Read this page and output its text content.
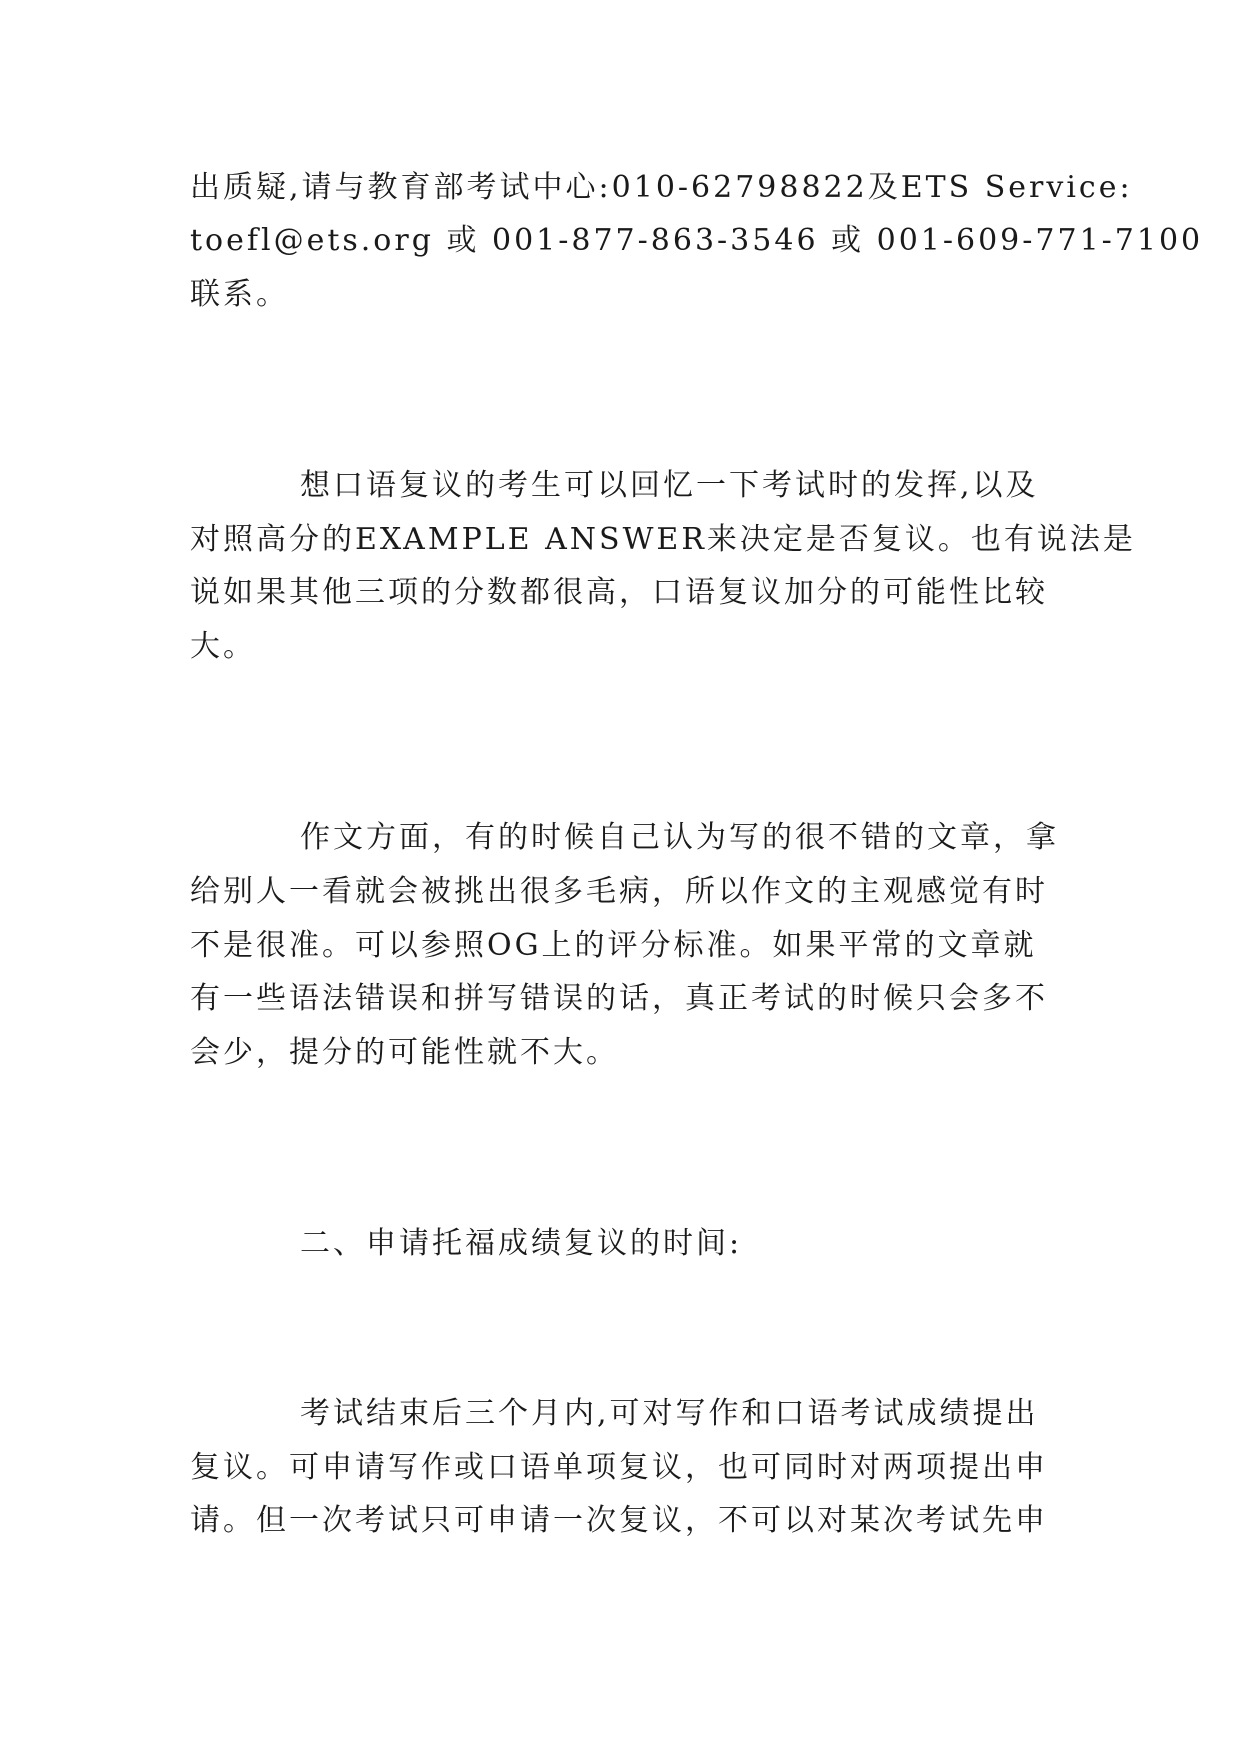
出质疑,请与教育部考试中心:010-62798822及ETS Service:
toefl@ets.org 或 001-877-863-3546 或 001-609-771-7100
联系。
想口语复议的考生可以回忆一下考试时的发挥,以及
对照高分的EXAMPLE ANSWER来决定是否复议。也有说法是
说如果其他三项的分数都很高，口语复议加分的可能性比较
大。
作文方面，有的时候自己认为写的很不错的文章，拿
给别人一看就会被挑出很多毛病，所以作文的主观感觉有时
不是很准。可以参照OG上的评分标准。如果平常的文章就
有一些语法错误和拼写错误的话，真正考试的时候只会多不
会少，提分的可能性就不大。
二、申请托福成绩复议的时间:
考试结束后三个月内,可对写作和口语考试成绩提出
复议。可申请写作或口语单项复议，也可同时对两项提出申
请。但一次考试只可申请一次复议，不可以对某次考试先申
